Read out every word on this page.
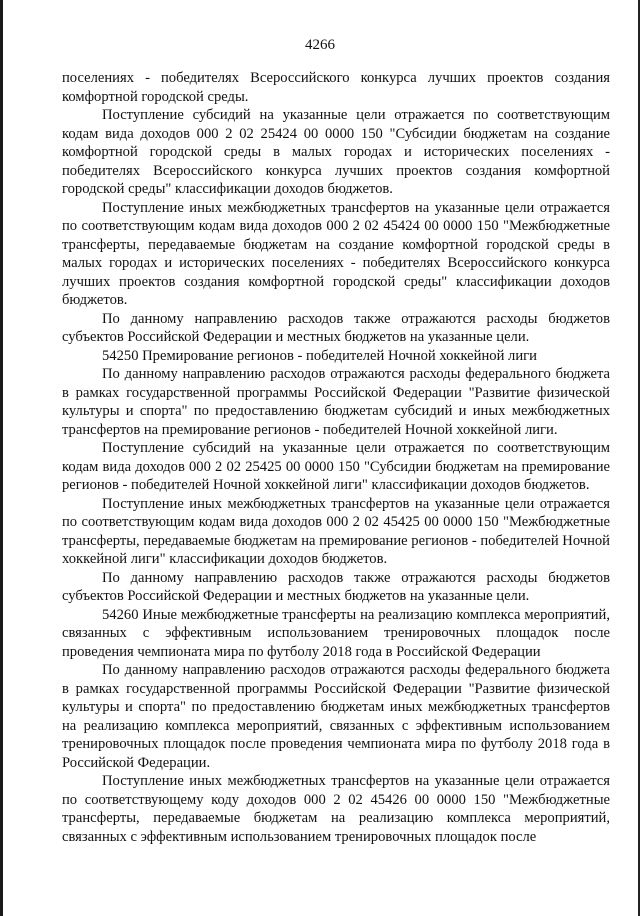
4266

поселениях - победителях Всероссийского конкурса лучших проектов создания комфортной городской среды.

Поступление субсидий на указанные цели отражается по соответствующим кодам вида доходов 000 2 02 25424 00 0000 150 "Субсидии бюджетам на создание комфортной городской среды в малых городах и исторических поселениях - победителях Всероссийского конкурса лучших проектов создания комфортной городской среды" классификации доходов бюджетов.

Поступление иных межбюджетных трансфертов на указанные цели отражается по соответствующим кодам вида доходов 000 2 02 45424 00 0000 150 "Межбюджетные трансферты, передаваемые бюджетам на создание комфортной городской среды в малых городах и исторических поселениях - победителях Всероссийского конкурса лучших проектов создания комфортной городской среды" классификации доходов бюджетов.

По данному направлению расходов также отражаются расходы бюджетов субъектов Российской Федерации и местных бюджетов на указанные цели.

54250 Премирование регионов - победителей Ночной хоккейной лиги

По данному направлению расходов отражаются расходы федерального бюджета в рамках государственной программы Российской Федерации "Развитие физической культуры и спорта" по предоставлению бюджетам субсидий и иных межбюджетных трансфертов на премирование регионов - победителей Ночной хоккейной лиги.

Поступление субсидий на указанные цели отражается по соответствующим кодам вида доходов 000 2 02 25425 00 0000 150 "Субсидии бюджетам на премирование регионов - победителей Ночной хоккейной лиги" классификации доходов бюджетов.

Поступление иных межбюджетных трансфертов на указанные цели отражается по соответствующим кодам вида доходов 000 2 02 45425 00 0000 150 "Межбюджетные трансферты, передаваемые бюджетам на премирование регионов - победителей Ночной хоккейной лиги" классификации доходов бюджетов.

По данному направлению расходов также отражаются расходы бюджетов субъектов Российской Федерации и местных бюджетов на указанные цели.

54260 Иные межбюджетные трансферты на реализацию комплекса мероприятий, связанных с эффективным использованием тренировочных площадок после проведения чемпионата мира по футболу 2018 года в Российской Федерации

По данному направлению расходов отражаются расходы федерального бюджета в рамках государственной программы Российской Федерации "Развитие физической культуры и спорта" по предоставлению бюджетам иных межбюджетных трансфертов на реализацию комплекса мероприятий, связанных с эффективным использованием тренировочных площадок после проведения чемпионата мира по футболу 2018 года в Российской Федерации.

Поступление иных межбюджетных трансфертов на указанные цели отражается по соответствующему коду доходов 000 2 02 45426 00 0000 150 "Межбюджетные трансферты, передаваемые бюджетам на реализацию комплекса мероприятий, связанных с эффективным использованием тренировочных площадок после
